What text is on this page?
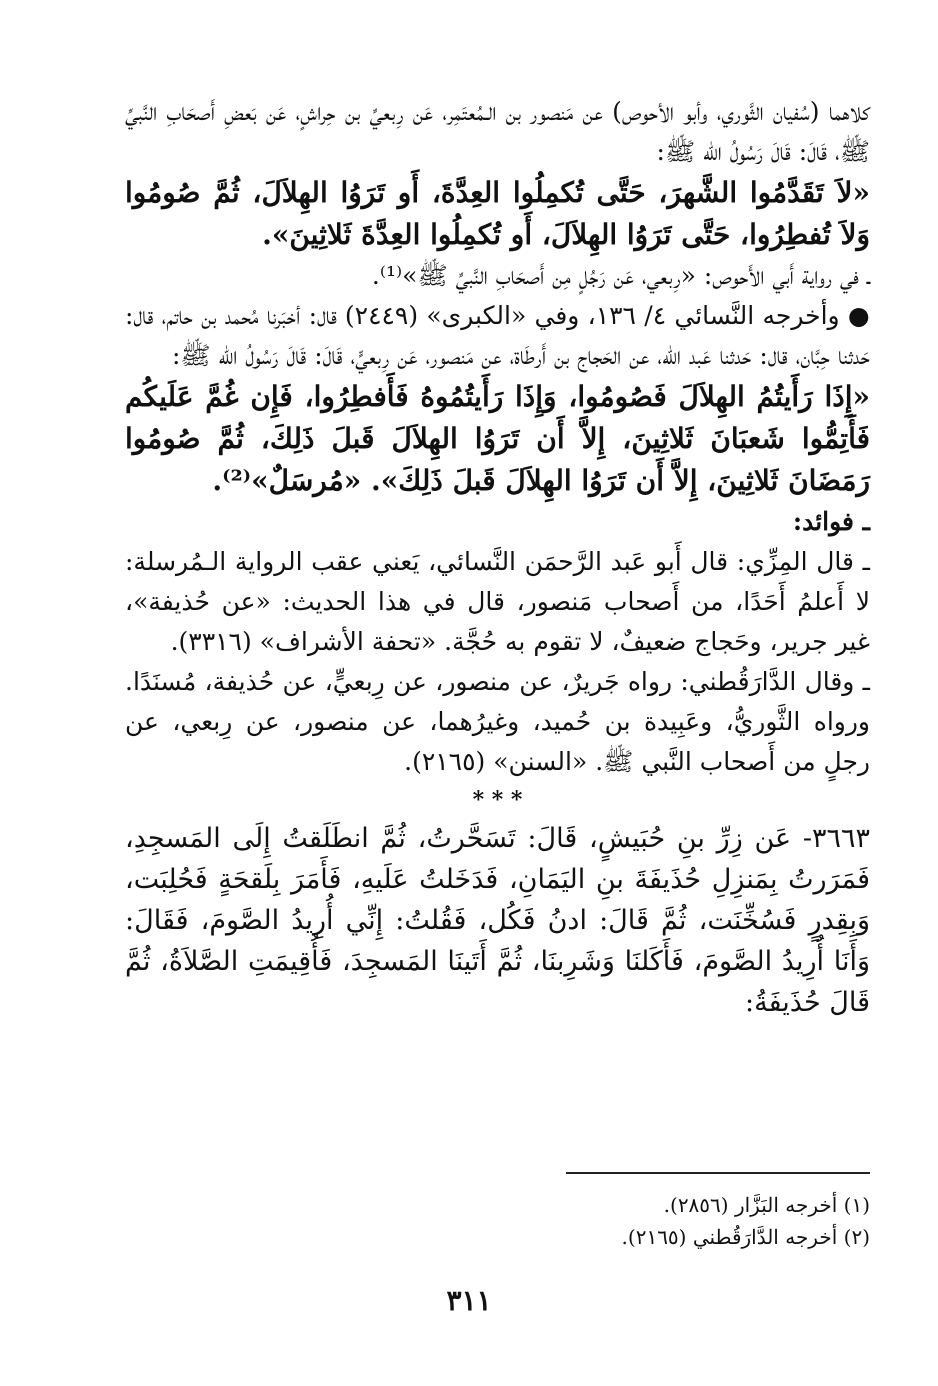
كلاهما (سُفيان الثَّوري، وأبو الأحوص) عن مَنصور بن الـمُعتَمِر، عَن رِبعيِّ بن حِراشٍ، عَن بَعضِ أَصحَابِ النَّبيِّ ﷺ، قَالَ: قَالَ رَسُولُ الله ﷺ:

«لاَ تَقَدَّمُوا الشَّهرَ، حَتَّى تُكمِلُوا العِدَّةَ، أَو تَرَوُا الهِلاَلَ، ثُمَّ صُومُوا وَلاَ تُفطِرُوا، حَتَّى تَرَوُا الهِلاَلَ، أَو تُكمِلُوا العِدَّةَ ثَلاثِينَ».

ـ في رواية أَبي الأَحوص: «رِبعي، عَن رَجُلٍ مِن أَصحَابِ النَّبيِّ ﷺ»⁽¹⁾.

● وأخرجه النَّسائي ٤/ ١٣٦، وفي «الكبرى» (٢٤٤٩) قال: أخبَرنا مُحمد بن حاتم، قال: حَدثنا حِبَّان، قال: حَدثنا عَبد الله، عن الحَجاج بن أَرطَاة، عن مَنصور، عَن رِبعيٍّ، قَالَ: قَالَ رَسُولُ الله ﷺ:

«إِذَا رَأَيتُمُ الهِلاَلَ فَصُومُوا، وَإِذَا رَأَيتُمُوهُ فَأَفطِرُوا، فَإِن غُمَّ عَلَيكُم فَأَتِمُّوا شَعبَانَ ثَلاثِينَ، إِلاَّ أَن تَرَوُا الهِلاَلَ قَبلَ ذَلِكَ، ثُمَّ صُومُوا رَمَضَانَ ثَلاثِينَ، إِلاَّ أَن تَرَوُا الهِلاَلَ قَبلَ ذَلِكَ». «مُرسَلٌ»⁽²⁾.

ـ فوائد:

ـ قال المِزِّي: قال أَبو عَبد الرَّحمَن النَّسائي، يَعني عقب الرواية الـمُرسلة: لا أَعلمُ أَحَدًا، من أَصحاب مَنصور، قال في هذا الحديث: «عن حُذيفة»، غير جرير، وحَجاج ضعيفٌ، لا تقوم به حُجَّة. «تحفة الأشراف» (٣٣١٦).

ـ وقال الدَّارَقُطني: رواه جَريرٌ، عن منصور، عن رِبعيٍّ، عن حُذيفة، مُسنَدًا. ورواه الثَّوريُّ، وعَبِيدة بن حُميد، وغيرُهما، عن منصور، عن رِبعي، عن رجلٍ من أَصحاب النَّبي ﷺ. «السنن» (٢١٦٥).

* * *

٣٦٦٣- عَن زِرِّ بنِ حُبَيشٍ، قَالَ: تَسَحَّرتُ، ثُمَّ انطَلَقتُ إِلَى المَسجِدِ، فَمَرَرتُ بِمَنزِلِ حُذَيفَةَ بنِ اليَمَانِ، فَدَخَلتُ عَلَيهِ، فَأَمَرَ بِلَقحَةٍ فَحُلِبَت، وَبِقِدرٍ فَسُخِّنَت، ثُمَّ قَالَ: ادنُ فَكُل، فَقُلتُ: إِنِّي أُرِيدُ الصَّومَ، فَقَالَ: وَأَنَا أُرِيدُ الصَّومَ، فَأَكَلنَا وَشَرِبنَا، ثُمَّ أَتَينَا المَسجِدَ، فَأُقِيمَتِ الصَّلاَةُ، ثُمَّ قَالَ حُذَيفَةُ:

(١) أخرجه البَزَّار (٢٨٥٦).

(٢) أخرجه الدَّارَقُطني (٢١٦٥).

٣١١
